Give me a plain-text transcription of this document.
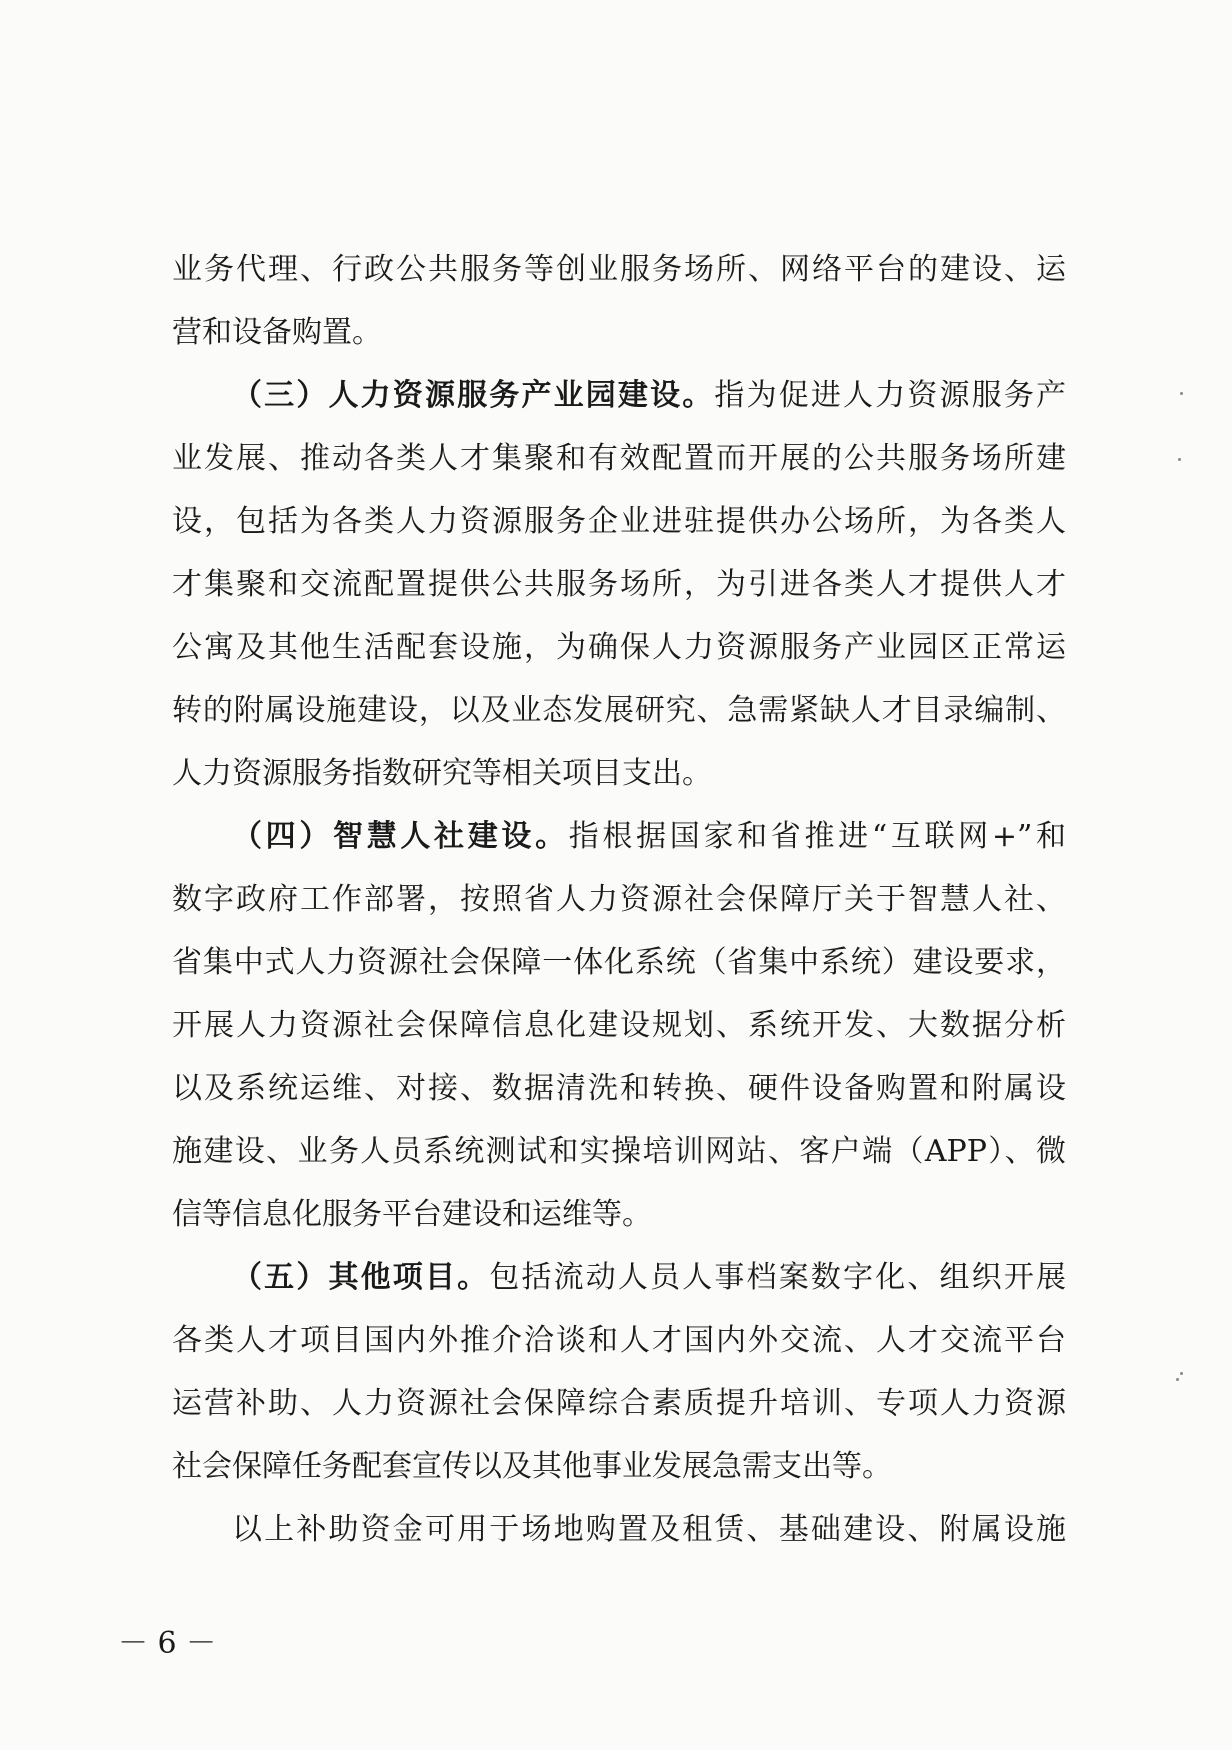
业务代理、行政公共服务等创业服务场所、网络平台的建设、运
营和设备购置。
（三）人力资源服务产业园建设。指为促进人力资源服务产
业发展、推动各类人才集聚和有效配置而开展的公共服务场所建
设，包括为各类人力资源服务企业进驻提供办公场所，为各类人
才集聚和交流配置提供公共服务场所，为引进各类人才提供人才
公寓及其他生活配套设施，为确保人力资源服务产业园区正常运
转的附属设施建设，以及业态发展研究、急需紧缺人才目录编制、
人力资源服务指数研究等相关项目支出。
（四）智慧人社建设。指根据国家和省推进“互联网+”和
数字政府工作部署，按照省人力资源社会保障厅关于智慧人社、
省集中式人力资源社会保障一体化系统（省集中系统）建设要求，
开展人力资源社会保障信息化建设规划、系统开发、大数据分析
以及系统运维、对接、数据清洗和转换、硬件设备购置和附属设
施建设、业务人员系统测试和实操培训网站、客户端（APP）、微
信等信息化服务平台建设和运维等。
（五）其他项目。包括流动人员人事档案数字化、组织开展
各类人才项目国内外推介洽谈和人才国内外交流、人才交流平台
运营补助、人力资源社会保障综合素质提升培训、专项人力资源
社会保障任务配套宣传以及其他事业发展急需支出等。
以上补助资金可用于场地购置及租赁、基础建设、附属设施
－ 6 －
